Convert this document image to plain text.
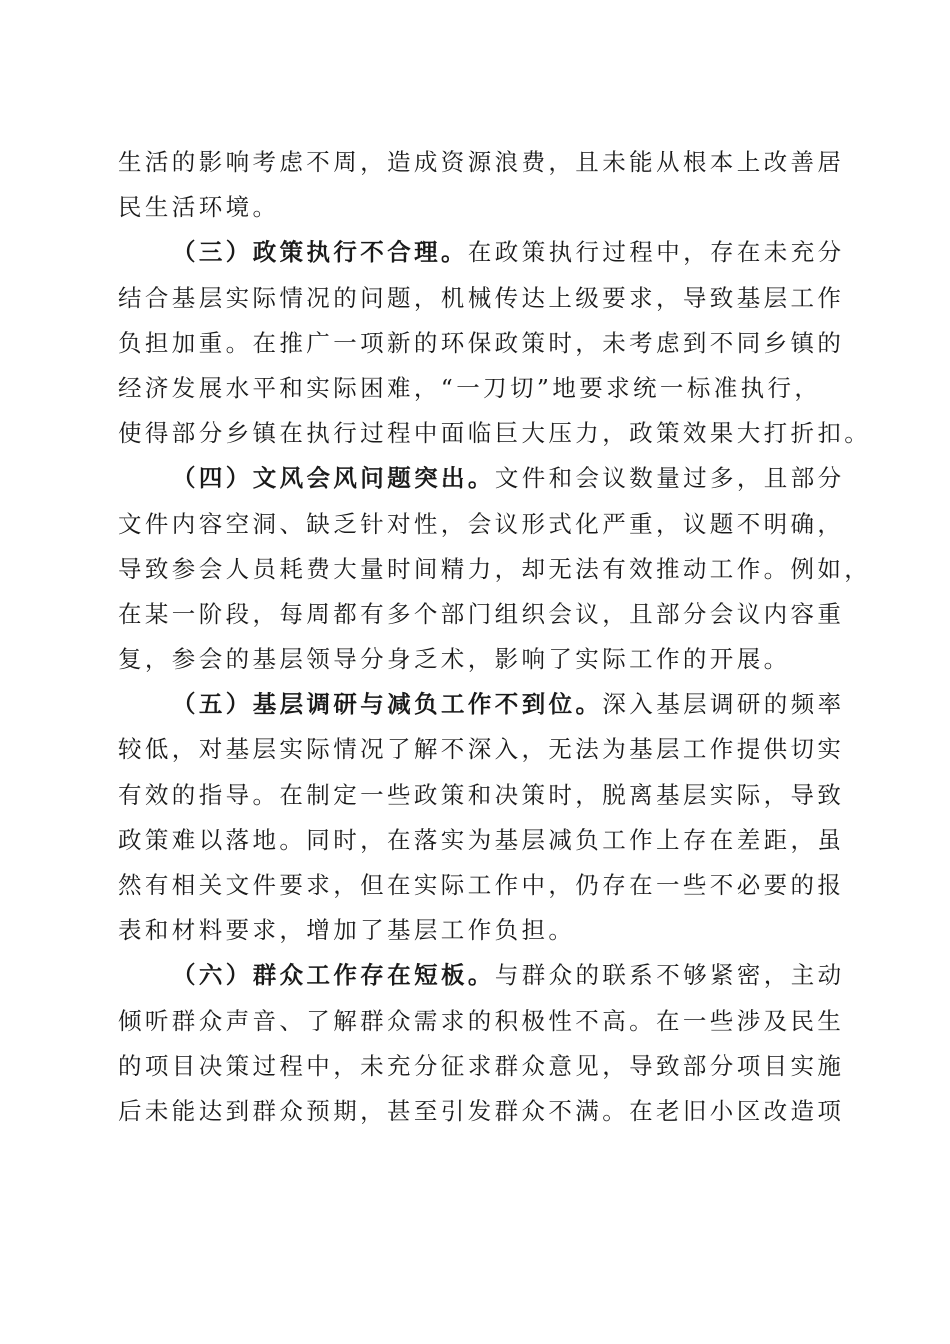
生活的影响考虑不周，造成资源浪费，且未能从根本上改善居
民生活环境。
（三）政策执行不合理。在政策执行过程中，存在未充分
结合基层实际情况的问题，机械传达上级要求，导致基层工作
负担加重。在推广一项新的环保政策时，未考虑到不同乡镇的
经济发展水平和实际困难，“一刀切”地要求统一标准执行，
使得部分乡镇在执行过程中面临巨大压力，政策效果大打折扣。
（四）文风会风问题突出。文件和会议数量过多，且部分
文件内容空洞、缺乏针对性，会议形式化严重，议题不明确，
导致参会人员耗费大量时间精力，却无法有效推动工作。例如，
在某一阶段，每周都有多个部门组织会议，且部分会议内容重
复，参会的基层领导分身乏术，影响了实际工作的开展。
（五）基层调研与减负工作不到位。深入基层调研的频率
较低，对基层实际情况了解不深入，无法为基层工作提供切实
有效的指导。在制定一些政策和决策时，脱离基层实际，导致
政策难以落地。同时，在落实为基层减负工作上存在差距，虽
然有相关文件要求，但在实际工作中，仍存在一些不必要的报
表和材料要求，增加了基层工作负担。
（六）群众工作存在短板。与群众的联系不够紧密，主动
倾听群众声音、了解群众需求的积极性不高。在一些涉及民生
的项目决策过程中，未充分征求群众意见，导致部分项目实施
后未能达到群众预期，甚至引发群众不满。在老旧小区改造项
